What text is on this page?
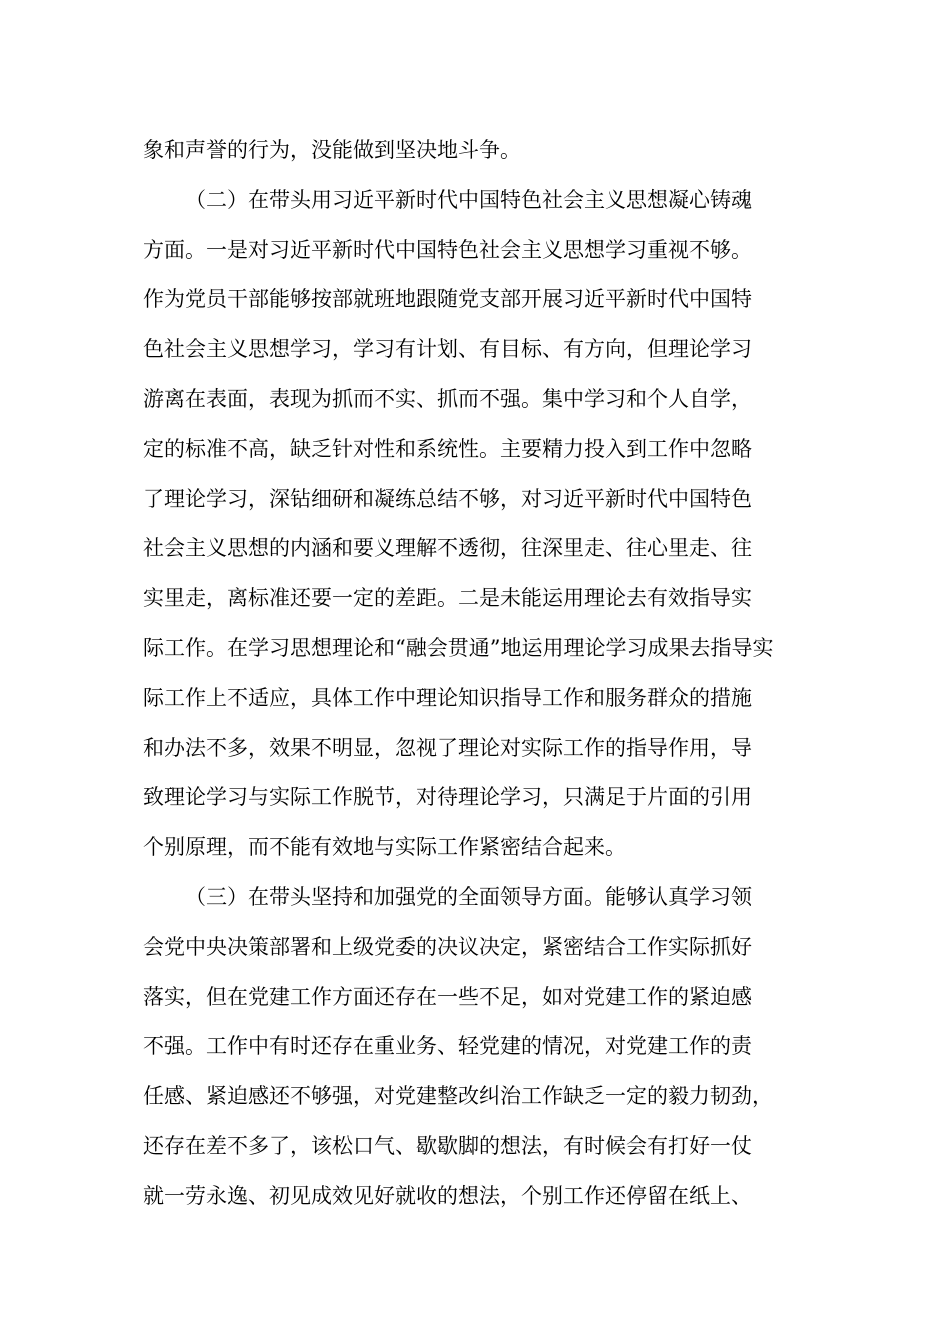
象和声誉的行为，没能做到坚决地斗争。
（二）在带头用习近平新时代中国特色社会主义思想凝心铸魂
方面。一是对习近平新时代中国特色社会主义思想学习重视不够。
作为党员干部能够按部就班地跟随党支部开展习近平新时代中国特
色社会主义思想学习，学习有计划、有目标、有方向，但理论学习
游离在表面，表现为抓而不实、抓而不强。集中学习和个人自学，
定的标准不高，缺乏针对性和系统性。主要精力投入到工作中忽略
了理论学习，深钻细研和凝练总结不够，对习近平新时代中国特色
社会主义思想的内涵和要义理解不透彻，往深里走、往心里走、往
实里走，离标准还要一定的差距。二是未能运用理论去有效指导实
际工作。在学习思想理论和“融会贯通”地运用理论学习成果去指导实
际工作上不适应，具体工作中理论知识指导工作和服务群众的措施
和办法不多，效果不明显，忽视了理论对实际工作的指导作用，导
致理论学习与实际工作脱节，对待理论学习，只满足于片面的引用
个别原理，而不能有效地与实际工作紧密结合起来。
（三）在带头坚持和加强党的全面领导方面。能够认真学习领
会党中央决策部署和上级党委的决议决定，紧密结合工作实际抓好
落实，但在党建工作方面还存在一些不足，如对党建工作的紧迫感
不强。工作中有时还存在重业务、轻党建的情况，对党建工作的责
任感、紧迫感还不够强，对党建整改纠治工作缺乏一定的毅力韧劲，
还存在差不多了，该松口气、歇歇脚的想法，有时候会有打好一仗
就一劳永逸、初见成效见好就收的想法，个别工作还停留在纸上、
